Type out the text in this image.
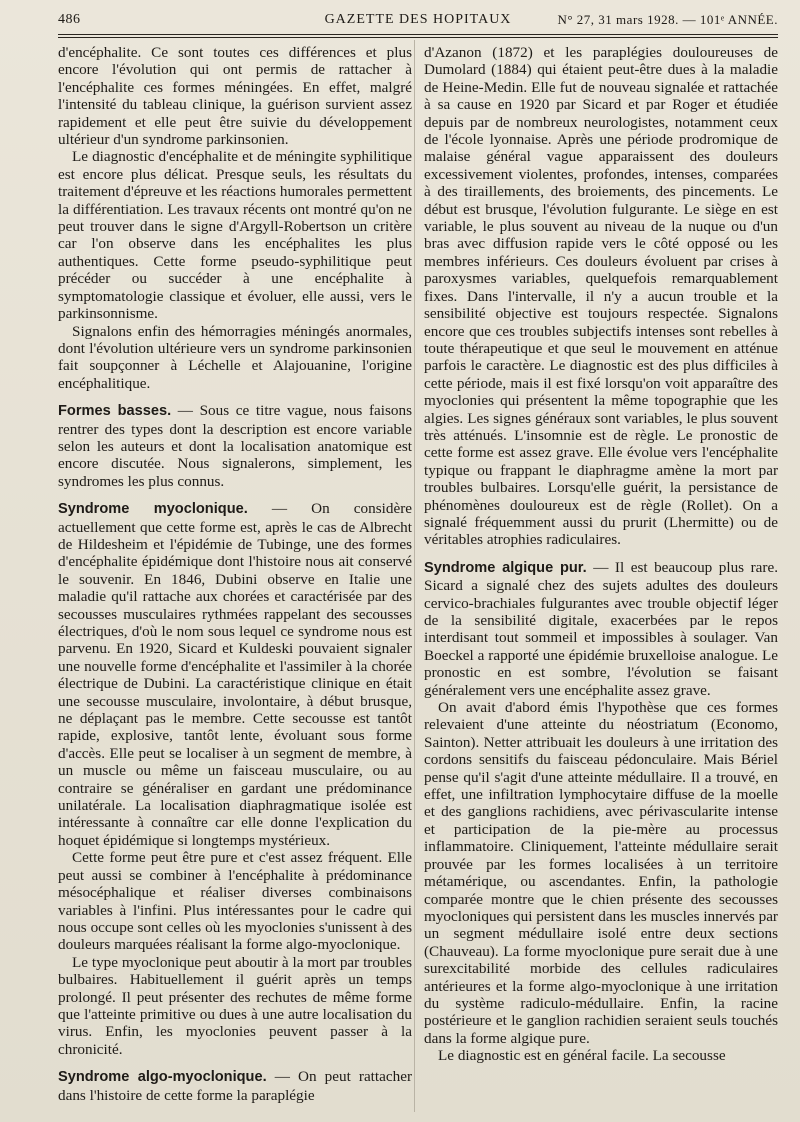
486	GAZETTE DES HOPITAUX	N° 27, 31 mars 1928. — 101ᵉ ANNÉE.

d'encéphalite. Ce sont toutes ces différences et plus encore l'évolution qui ont permis de rattacher à l'encéphalite ces formes méningées. En effet, malgré l'intensité du tableau clinique, la guérison survient assez rapidement et elle peut être suivie du développement ultérieur d'un syndrome parkinsonien.

Le diagnostic d'encéphalite et de méningite syphilitique est encore plus délicat. Presque seuls, les résultats du traitement d'épreuve et les réactions humorales permettent la différentiation. Les travaux récents ont montré qu'on ne peut trouver dans le signe d'Argyll-Robertson un critère car l'on observe dans les encéphalites les plus authentiques. Cette forme pseudo-syphilitique peut précéder ou succéder à une encéphalite à symptomatologie classique et évoluer, elle aussi, vers le parkinsonnisme.

Signalons enfin des hémorragies méningés anormales, dont l'évolution ultérieure vers un syndrome parkinsonien fait soupçonner à Léchelle et Alajouanine, l'origine encéphalitique.

Formes basses. — Sous ce titre vague, nous faisons rentrer des types dont la description est encore variable selon les auteurs et dont la localisation anatomique est encore discutée. Nous signalerons, simplement, les syndromes les plus connus.

Syndrome myoclonique. — On considère actuellement que cette forme est, après le cas de Albrecht de Hildesheim et l'épidémie de Tubinge, une des formes d'encéphalite épidémique dont l'histoire nous ait conservé le souvenir. En 1846, Dubini observe en Italie une maladie qu'il rattache aux chorées et caractérisée par des secousses musculaires rythmées rappelant des secousses électriques, d'où le nom sous lequel ce syndrome nous est parvenu. En 1920, Sicard et Kuldeski pouvaient signaler une nouvelle forme d'encéphalite et l'assimiler à la chorée électrique de Dubini. La caractéristique clinique en était une secousse musculaire, involontaire, à début brusque, ne déplaçant pas le membre. Cette secousse est tantôt rapide, explosive, tantôt lente, évoluant sous forme d'accès. Elle peut se localiser à un segment de membre, à un muscle ou même un faisceau musculaire, ou au contraire se généraliser en gardant une prédominance unilatérale. La localisation diaphragmatique isolée est intéressante à connaître car elle donne l'explication du hoquet épidémique si longtemps mystérieux.

Cette forme peut être pure et c'est assez fréquent. Elle peut aussi se combiner à l'encéphalite à prédominance mésocéphalique et réaliser diverses combinaisons variables à l'infini. Plus intéressantes pour le cadre qui nous occupe sont celles où les myoclonies s'unissent à des douleurs marquées réalisant la forme algo-myoclonique.

Le type myoclonique peut aboutir à la mort par troubles bulbaires. Habituellement il guérit après un temps prolongé. Il peut présenter des rechutes de même forme que l'atteinte primitive ou dues à une autre localisation du virus. Enfin, les myoclonies peuvent passer à la chronicité.

Syndrome algo-myoclonique. — On peut rattacher dans l'histoire de cette forme la paraplégie

d'Azanon (1872) et les paraplégies douloureuses de Dumolard (1884) qui étaient peut-être dues à la maladie de Heine-Medin. Elle fut de nouveau signalée et rattachée à sa cause en 1920 par Sicard et par Roger et étudiée depuis par de nombreux neurologistes, notamment ceux de l'école lyonnaise. Après une période prodromique de malaise général vague apparaissent des douleurs excessivement violentes, profondes, intenses, comparées à des tiraillements, des broiements, des pincements. Le début est brusque, l'évolution fulgurante. Le siège en est variable, le plus souvent au niveau de la nuque ou d'un bras avec diffusion rapide vers le côté opposé ou les membres inférieurs. Ces douleurs évoluent par crises à paroxysmes variables, quelquefois remarquablement fixes. Dans l'intervalle, il n'y a aucun trouble et la sensibilité objective est toujours respectée. Signalons encore que ces troubles subjectifs intenses sont rebelles à toute thérapeutique et que seul le mouvement en atténue parfois le caractère. Le diagnostic est des plus difficiles à cette période, mais il est fixé lorsqu'on voit apparaître des myoclonies qui présentent la même topographie que les algies. Les signes généraux sont variables, le plus souvent très atténués. L'insomnie est de règle. Le pronostic de cette forme est assez grave. Elle évolue vers l'encéphalite typique ou frappant le diaphragme amène la mort par troubles bulbaires. Lorsqu'elle guérit, la persistance de phénomènes douloureux est de règle (Rollet). On a signalé fréquemment aussi du prurit (Lhermitte) ou de véritables atrophies radiculaires.

Syndrome algique pur. — Il est beaucoup plus rare. Sicard a signalé chez des sujets adultes des douleurs cervico-brachiales fulgurantes avec trouble objectif léger de la sensibilité digitale, exacerbées par le repos interdisant tout sommeil et impossibles à soulager. Van Boeckel a rapporté une épidémie bruxelloise analogue. Le pronostic en est sombre, l'évolution se faisant généralement vers une encéphalite assez grave.

On avait d'abord émis l'hypothèse que ces formes relevaient d'une atteinte du néostriatum (Economo, Sainton). Netter attribuait les douleurs à une irritation des cordons sensitifs du faisceau pédonculaire. Mais Bériel pense qu'il s'agit d'une atteinte médullaire. Il a trouvé, en effet, une infiltration lymphocytaire diffuse de la moelle et des ganglions rachidiens, avec périvascularite intense et participation de la pie-mère au processus inflammatoire. Cliniquement, l'atteinte médullaire serait prouvée par les formes localisées à un territoire métamérique, ou ascendantes. Enfin, la pathologie comparée montre que le chien présente des secousses myocloniques qui persistent dans les muscles innervés par un segment médullaire isolé entre deux sections (Chauveau). La forme myoclonique pure serait due à une surexcitabilité morbide des cellules radiculaires antérieures et la forme algo-myoclonique à une irritation du système radiculo-médullaire. Enfin, la racine postérieure et le ganglion rachidien seraient seuls touchés dans la forme algique pure.

Le diagnostic est en général facile. La secousse
